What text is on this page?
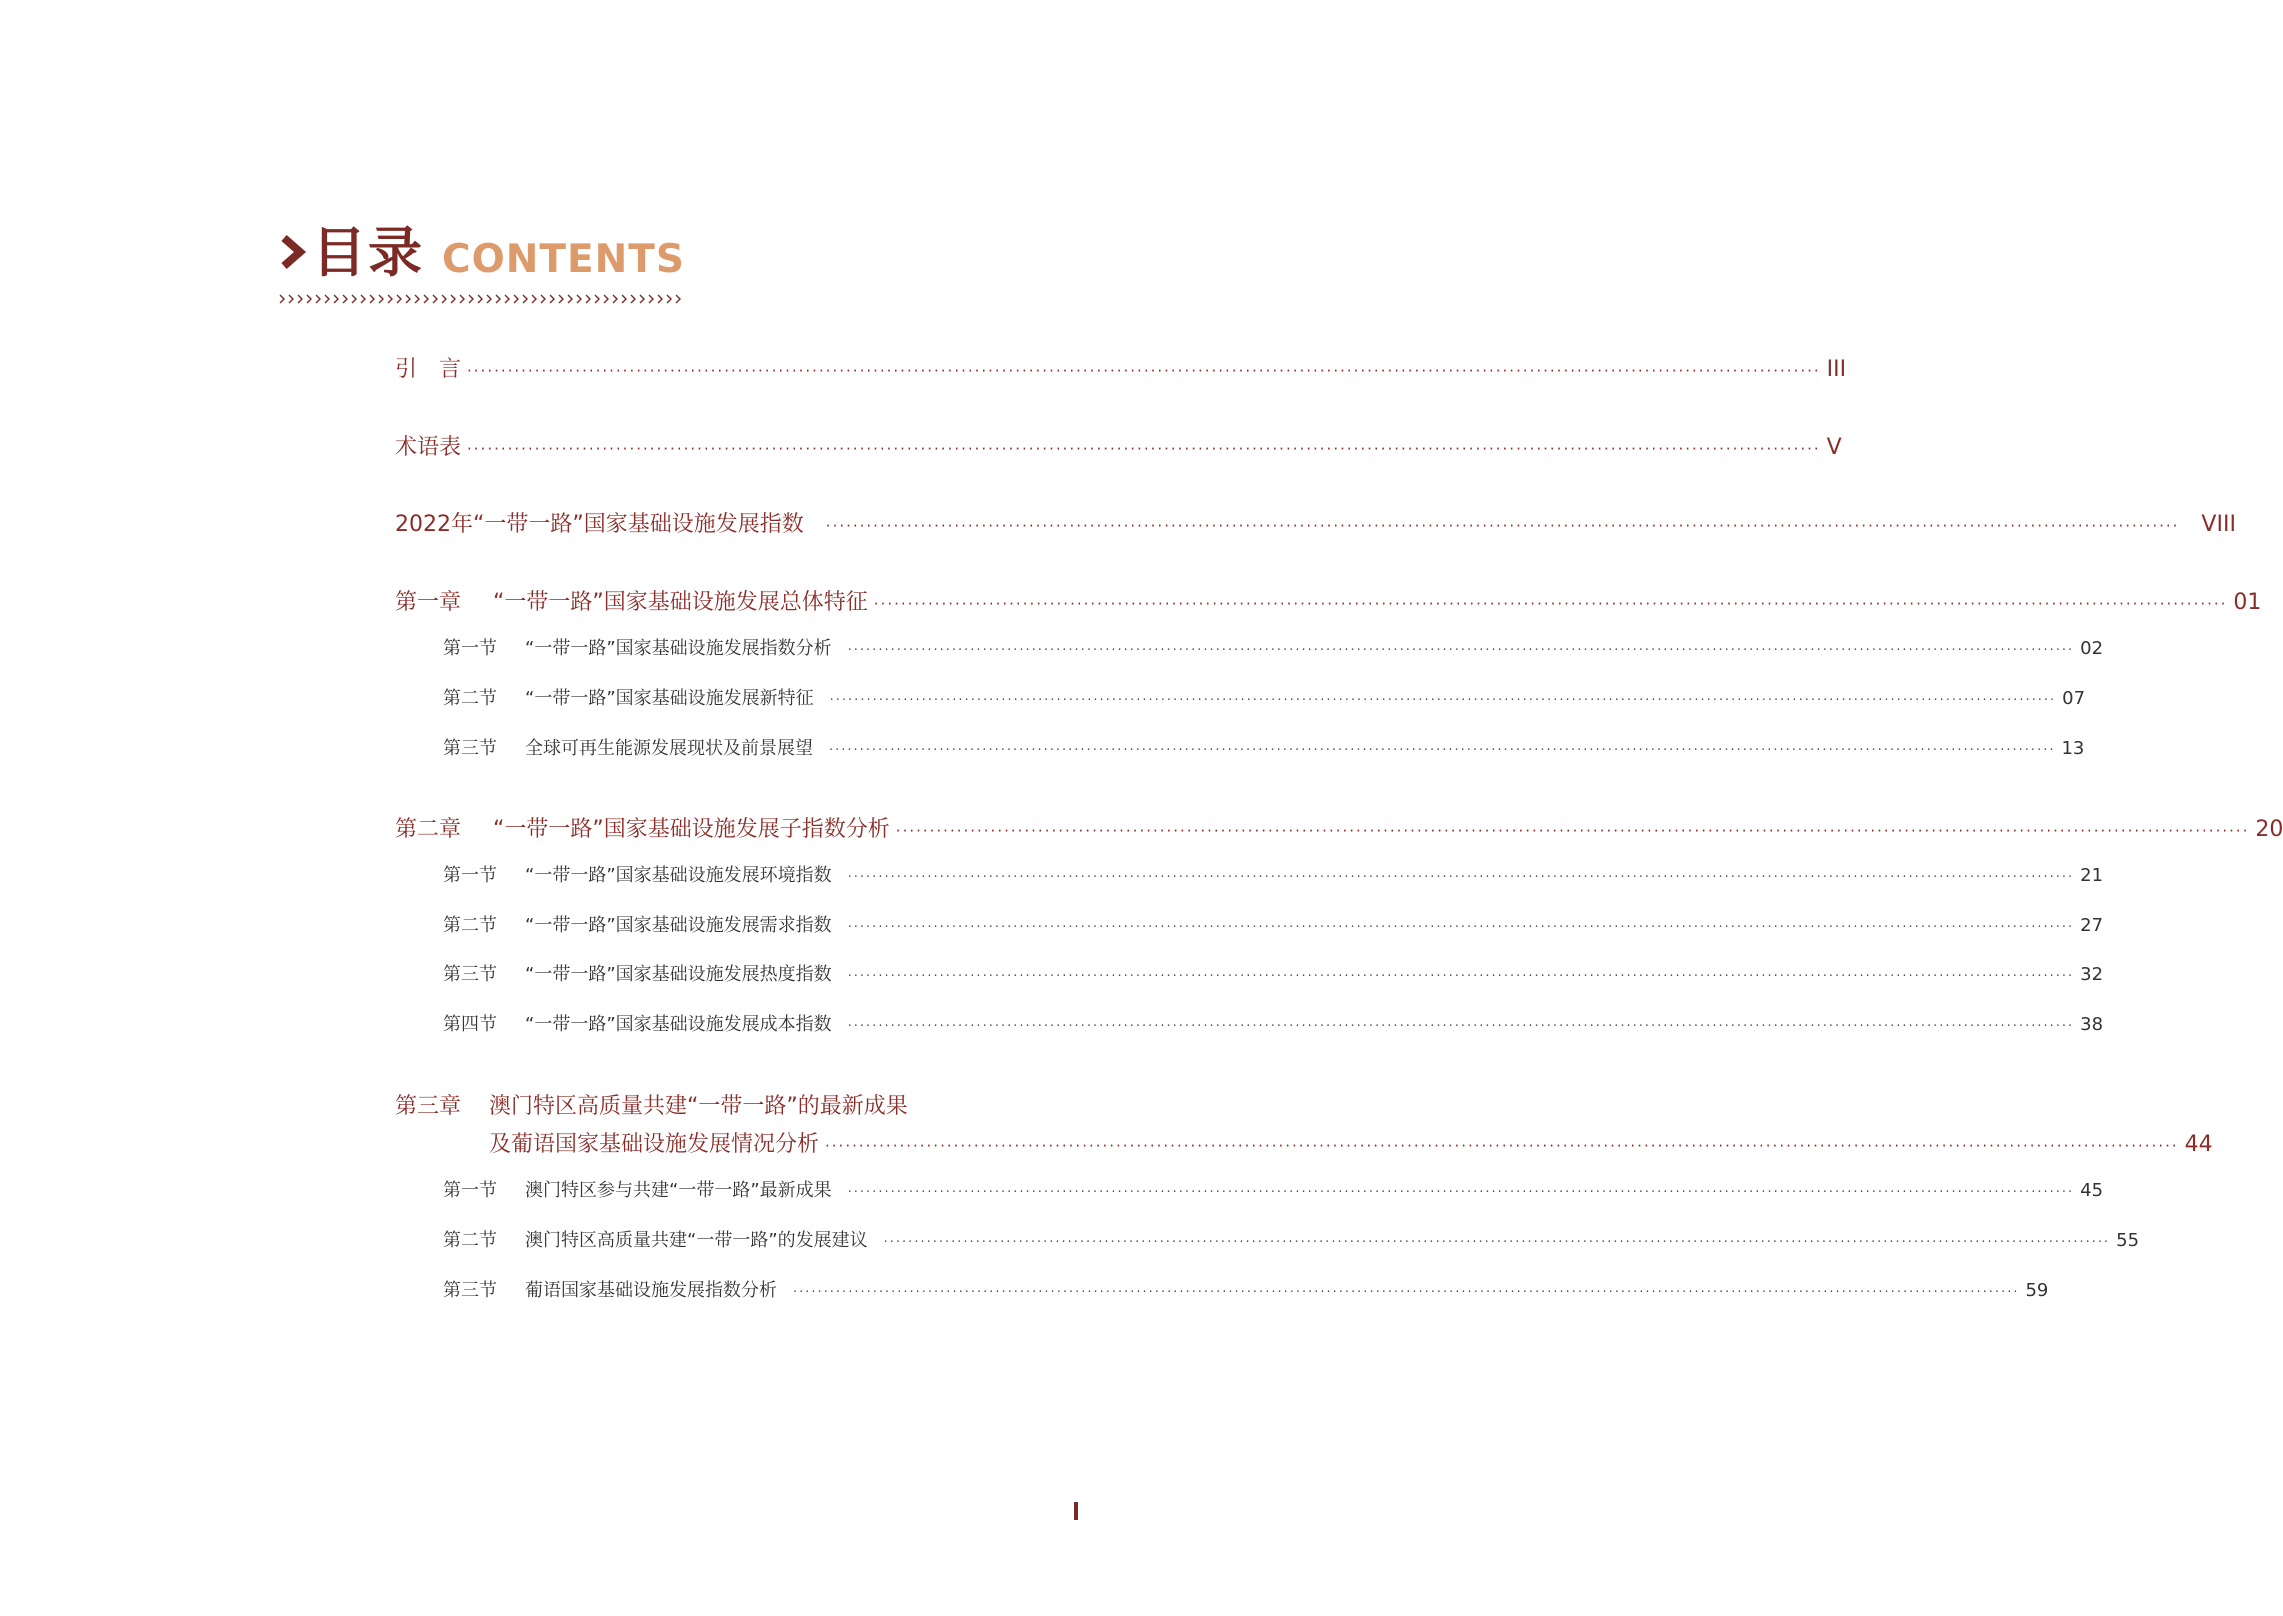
目录 CONTENTS
引　言 ········································································································································································································ III
术语表 ········································································································································································································ V
2022年“一带一路”国家基础设施发展指数 ········································································································································································································ VIII
第一章	“一带一路”国家基础设施发展总体特征 ········································································································································································································ 01
第一节	“一带一路”国家基础设施发展指数分析 ········································································································································································································ 02
第二节	“一带一路”国家基础设施发展新特征 ········································································································································································································ 07
第三节	全球可再生能源发展现状及前景展望 ········································································································································································································ 13
第二章	“一带一路”国家基础设施发展子指数分析 ········································································································································································································ 20
第一节	“一带一路”国家基础设施发展环境指数 ········································································································································································································ 21
第二节	“一带一路”国家基础设施发展需求指数 ········································································································································································································ 27
第三节	“一带一路”国家基础设施发展热度指数 ········································································································································································································ 32
第四节	“一带一路”国家基础设施发展成本指数 ········································································································································································································ 38
第三章	澳门特区高质量共建“一带一路”的最新成果
及葡语国家基础设施发展情况分析 ········································································································································································································ 44
第一节	澳门特区参与共建“一带一路”最新成果 ········································································································································································································ 45
第二节	澳门特区高质量共建“一带一路”的发展建议 ········································································································································································································ 55
第三节	葡语国家基础设施发展指数分析 ········································································································································································································ 59
